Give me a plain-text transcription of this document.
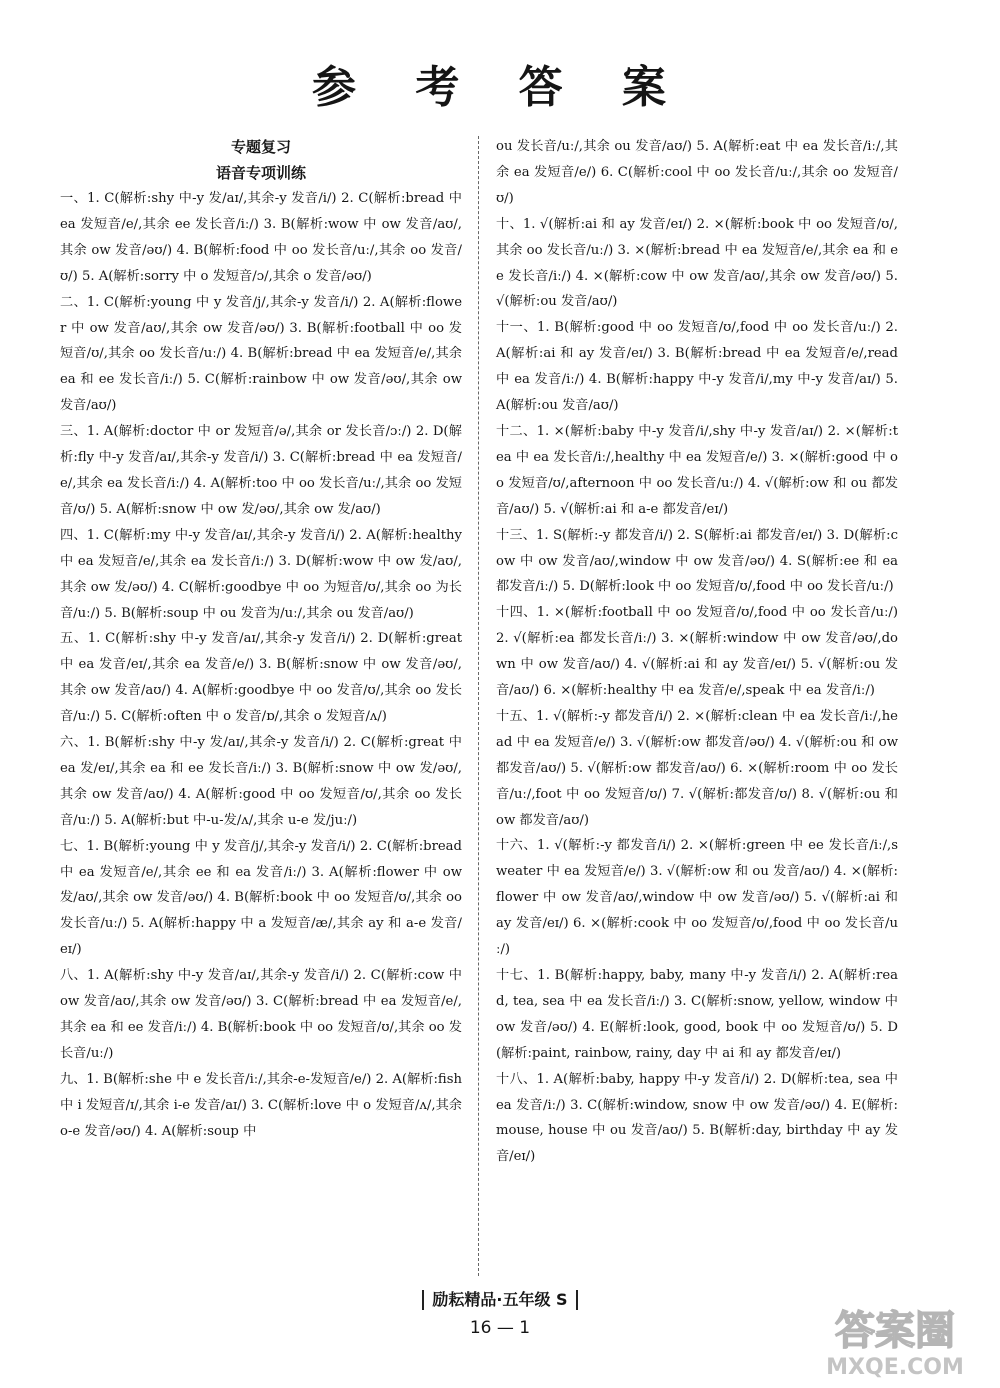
参 考 答 案
专题复习
语音专项训练

一、1. C(解析:shy 中-y 发/aɪ/,其余-y 发音/i/) 2. C(解析:bread 中 ea 发短音/e/,其余 ee 发长音/iː/) 3. B(解析:wow 中 ow 发音/aʊ/,其余 ow 发音/əʊ/) 4. B(解析:food 中 oo 发长音/uː/,其余 oo 发音/ʊ/) 5. A(解析:sorry 中 o 发短音/ɔ/,其余 o 发音/əʊ/)

二、1. C(解析:young 中 y 发音/j/,其余-y 发音/i/) 2. A(解析:flower 中 ow 发音/aʊ/,其余 ow 发音/əʊ/) 3. B(解析:football 中 oo 发短音/ʊ/,其余 oo 发长音/uː/) 4. B(解析:bread 中 ea 发短音/e/,其余 ea 和 ee 发长音/iː/) 5. C(解析:rainbow 中 ow 发音/əʊ/,其余 ow 发音/aʊ/)

三、1. A(解析:doctor 中 or 发短音/ə/,其余 or 发长音/ɔː/) 2. D(解析:fly 中-y 发音/aɪ/,其余-y 发音/i/) 3. C(解析:bread 中 ea 发短音/e/,其余 ea 发长音/iː/) 4. A(解析:too 中 oo 发长音/uː/,其余 oo 发短音/ʊ/) 5. A(解析:snow 中 ow 发/əʊ/,其余 ow 发/aʊ/)

四、1. C(解析:my 中-y 发音/aɪ/,其余-y 发音/i/) 2. A(解析:healthy 中 ea 发短音/e/,其余 ea 发长音/iː/) 3. D(解析:wow 中 ow 发/aʊ/,其余 ow 发/əʊ/) 4. C(解析:goodbye 中 oo 为短音/ʊ/,其余 oo 为长音/uː/) 5. B(解析:soup 中 ou 发音为/uː/,其余 ou 发音/aʊ/)

五、1. C(解析:shy 中-y 发音/aɪ/,其余-y 发音/i/) 2. D(解析:great 中 ea 发音/eɪ/,其余 ea 发音/e/) 3. B(解析:snow 中 ow 发音/əʊ/,其余 ow 发音/aʊ/) 4. A(解析:goodbye 中 oo 发音/ʊ/,其余 oo 发长音/uː/) 5. C(解析:often 中 o 发音/ɒ/,其余 o 发短音/ʌ/)

六、1. B(解析:shy 中-y 发/aɪ/,其余-y 发音/i/) 2. C(解析:great 中 ea 发/eɪ/,其余 ea 和 ee 发长音/iː/) 3. B(解析:snow 中 ow 发/əʊ/,其余 ow 发音/aʊ/) 4. A(解析:good 中 oo 发短音/ʊ/,其余 oo 发长音/uː/) 5. A(解析:but 中-u-发/ʌ/,其余 u-e 发/juː/)

七、1. B(解析:young 中 y 发音/j/,其余-y 发音/i/) 2. C(解析:bread 中 ea 发短音/e/,其余 ee 和 ea 发音/iː/) 3. A(解析:flower 中 ow 发/aʊ/,其余 ow 发音/əʊ/) 4. B(解析:book 中 oo 发短音/ʊ/,其余 oo 发长音/uː/) 5. A(解析:happy 中 a 发短音/æ/,其余 ay 和 a-e 发音/eɪ/)

八、1. A(解析:shy 中-y 发音/aɪ/,其余-y 发音/i/) 2. C(解析:cow 中 ow 发音/aʊ/,其余 ow 发音/əʊ/) 3. C(解析:bread 中 ea 发短音/e/,其余 ea 和 ee 发音/iː/) 4. B(解析:book 中 oo 发短音/ʊ/,其余 oo 发长音/uː/)

九、1. B(解析:she 中 e 发长音/iː/,其余-e-发短音/e/) 2. A(解析:fish 中 i 发短音/ɪ/,其余 i-e 发音/aɪ/) 3. C(解析:love 中 o 发短音/ʌ/,其余 o-e 发音/əʊ/) 4. A(解析:soup 中

ou 发长音/uː/,其余 ou 发音/aʊ/) 5. A(解析:eat 中 ea 发长音/iː/,其余 ea 发短音/e/) 6. C(解析:cool 中 oo 发长音/uː/,其余 oo 发短音/ʊ/)

十、1. √(解析:ai 和 ay 发音/eɪ/) 2. ×(解析:book 中 oo 发短音/ʊ/,其余 oo 发长音/uː/) 3. ×(解析:bread 中 ea 发短音/e/,其余 ea 和 ee 发长音/iː/) 4. ×(解析:cow 中 ow 发音/aʊ/,其余 ow 发音/əʊ/) 5. √(解析:ou 发音/aʊ/)

十一、1. B(解析:good 中 oo 发短音/ʊ/,food 中 oo 发长音/uː/) 2. A(解析:ai 和 ay 发音/eɪ/) 3. B(解析:bread 中 ea 发短音/e/,read 中 ea 发音/iː/) 4. B(解析:happy 中-y 发音/i/,my 中-y 发音/aɪ/) 5. A(解析:ou 发音/aʊ/)

十二、1. ×(解析:baby 中-y 发音/i/,shy 中-y 发音/aɪ/) 2. ×(解析:tea 中 ea 发长音/iː/,healthy 中 ea 发短音/e/) 3. ×(解析:good 中 oo 发短音/ʊ/,afternoon 中 oo 发长音/uː/) 4. √(解析:ow 和 ou 都发音/aʊ/) 5. √(解析:ai 和 a-e 都发音/eɪ/)

十三、1. S(解析:-y 都发音/i/) 2. S(解析:ai 都发音/eɪ/) 3. D(解析:cow 中 ow 发音/aʊ/,window 中 ow 发音/əʊ/) 4. S(解析:ee 和 ea 都发音/iː/) 5. D(解析:look 中 oo 发短音/ʊ/,food 中 oo 发长音/uː/)

十四、1. ×(解析:football 中 oo 发短音/ʊ/,food 中 oo 发长音/uː/) 2. √(解析:ea 都发长音/iː/) 3. ×(解析:window 中 ow 发音/əʊ/,down 中 ow 发音/aʊ/) 4. √(解析:ai 和 ay 发音/eɪ/) 5. √(解析:ou 发音/aʊ/) 6. ×(解析:healthy 中 ea 发音/e/,speak 中 ea 发音/iː/)

十五、1. √(解析:-y 都发音/i/) 2. ×(解析:clean 中 ea 发长音/iː/,head 中 ea 发短音/e/) 3. √(解析:ow 都发音/əʊ/) 4. √(解析:ou 和 ow 都发音/aʊ/) 5. √(解析:ow 都发音/aʊ/) 6. ×(解析:room 中 oo 发长音/uː/,foot 中 oo 发短音/ʊ/) 7. √(解析:都发音/ʊ/) 8. √(解析:ou 和 ow 都发音/aʊ/)

十六、1. √(解析:-y 都发音/i/) 2. ×(解析:green 中 ee 发长音/iː/,sweater 中 ea 发短音/e/) 3. √(解析:ow 和 ou 发音/aʊ/) 4. ×(解析:flower 中 ow 发音/aʊ/,window 中 ow 发音/əʊ/) 5. √(解析:ai 和 ay 发音/eɪ/) 6. ×(解析:cook 中 oo 发短音/ʊ/,food 中 oo 发长音/uː/)

十七、1. B(解析:happy, baby, many 中-y 发音/i/) 2. A(解析:read, tea, sea 中 ea 发长音/iː/) 3. C(解析:snow, yellow, window 中 ow 发音/əʊ/) 4. E(解析:look, good, book 中 oo 发短音/ʊ/) 5. D(解析:paint, rainbow, rainy, day 中 ai 和 ay 都发音/eɪ/)

十八、1. A(解析:baby, happy 中-y 发音/i/) 2. D(解析:tea, sea 中 ea 发音/iː/) 3. C(解析:window, snow 中 ow 发音/əʊ/) 4. E(解析:mouse, house 中 ou 发音/aʊ/) 5. B(解析:day, birthday 中 ay 发音/eɪ/)

励耘精品·五年级 S
16 — 1	答案圈
MXQE.COM
